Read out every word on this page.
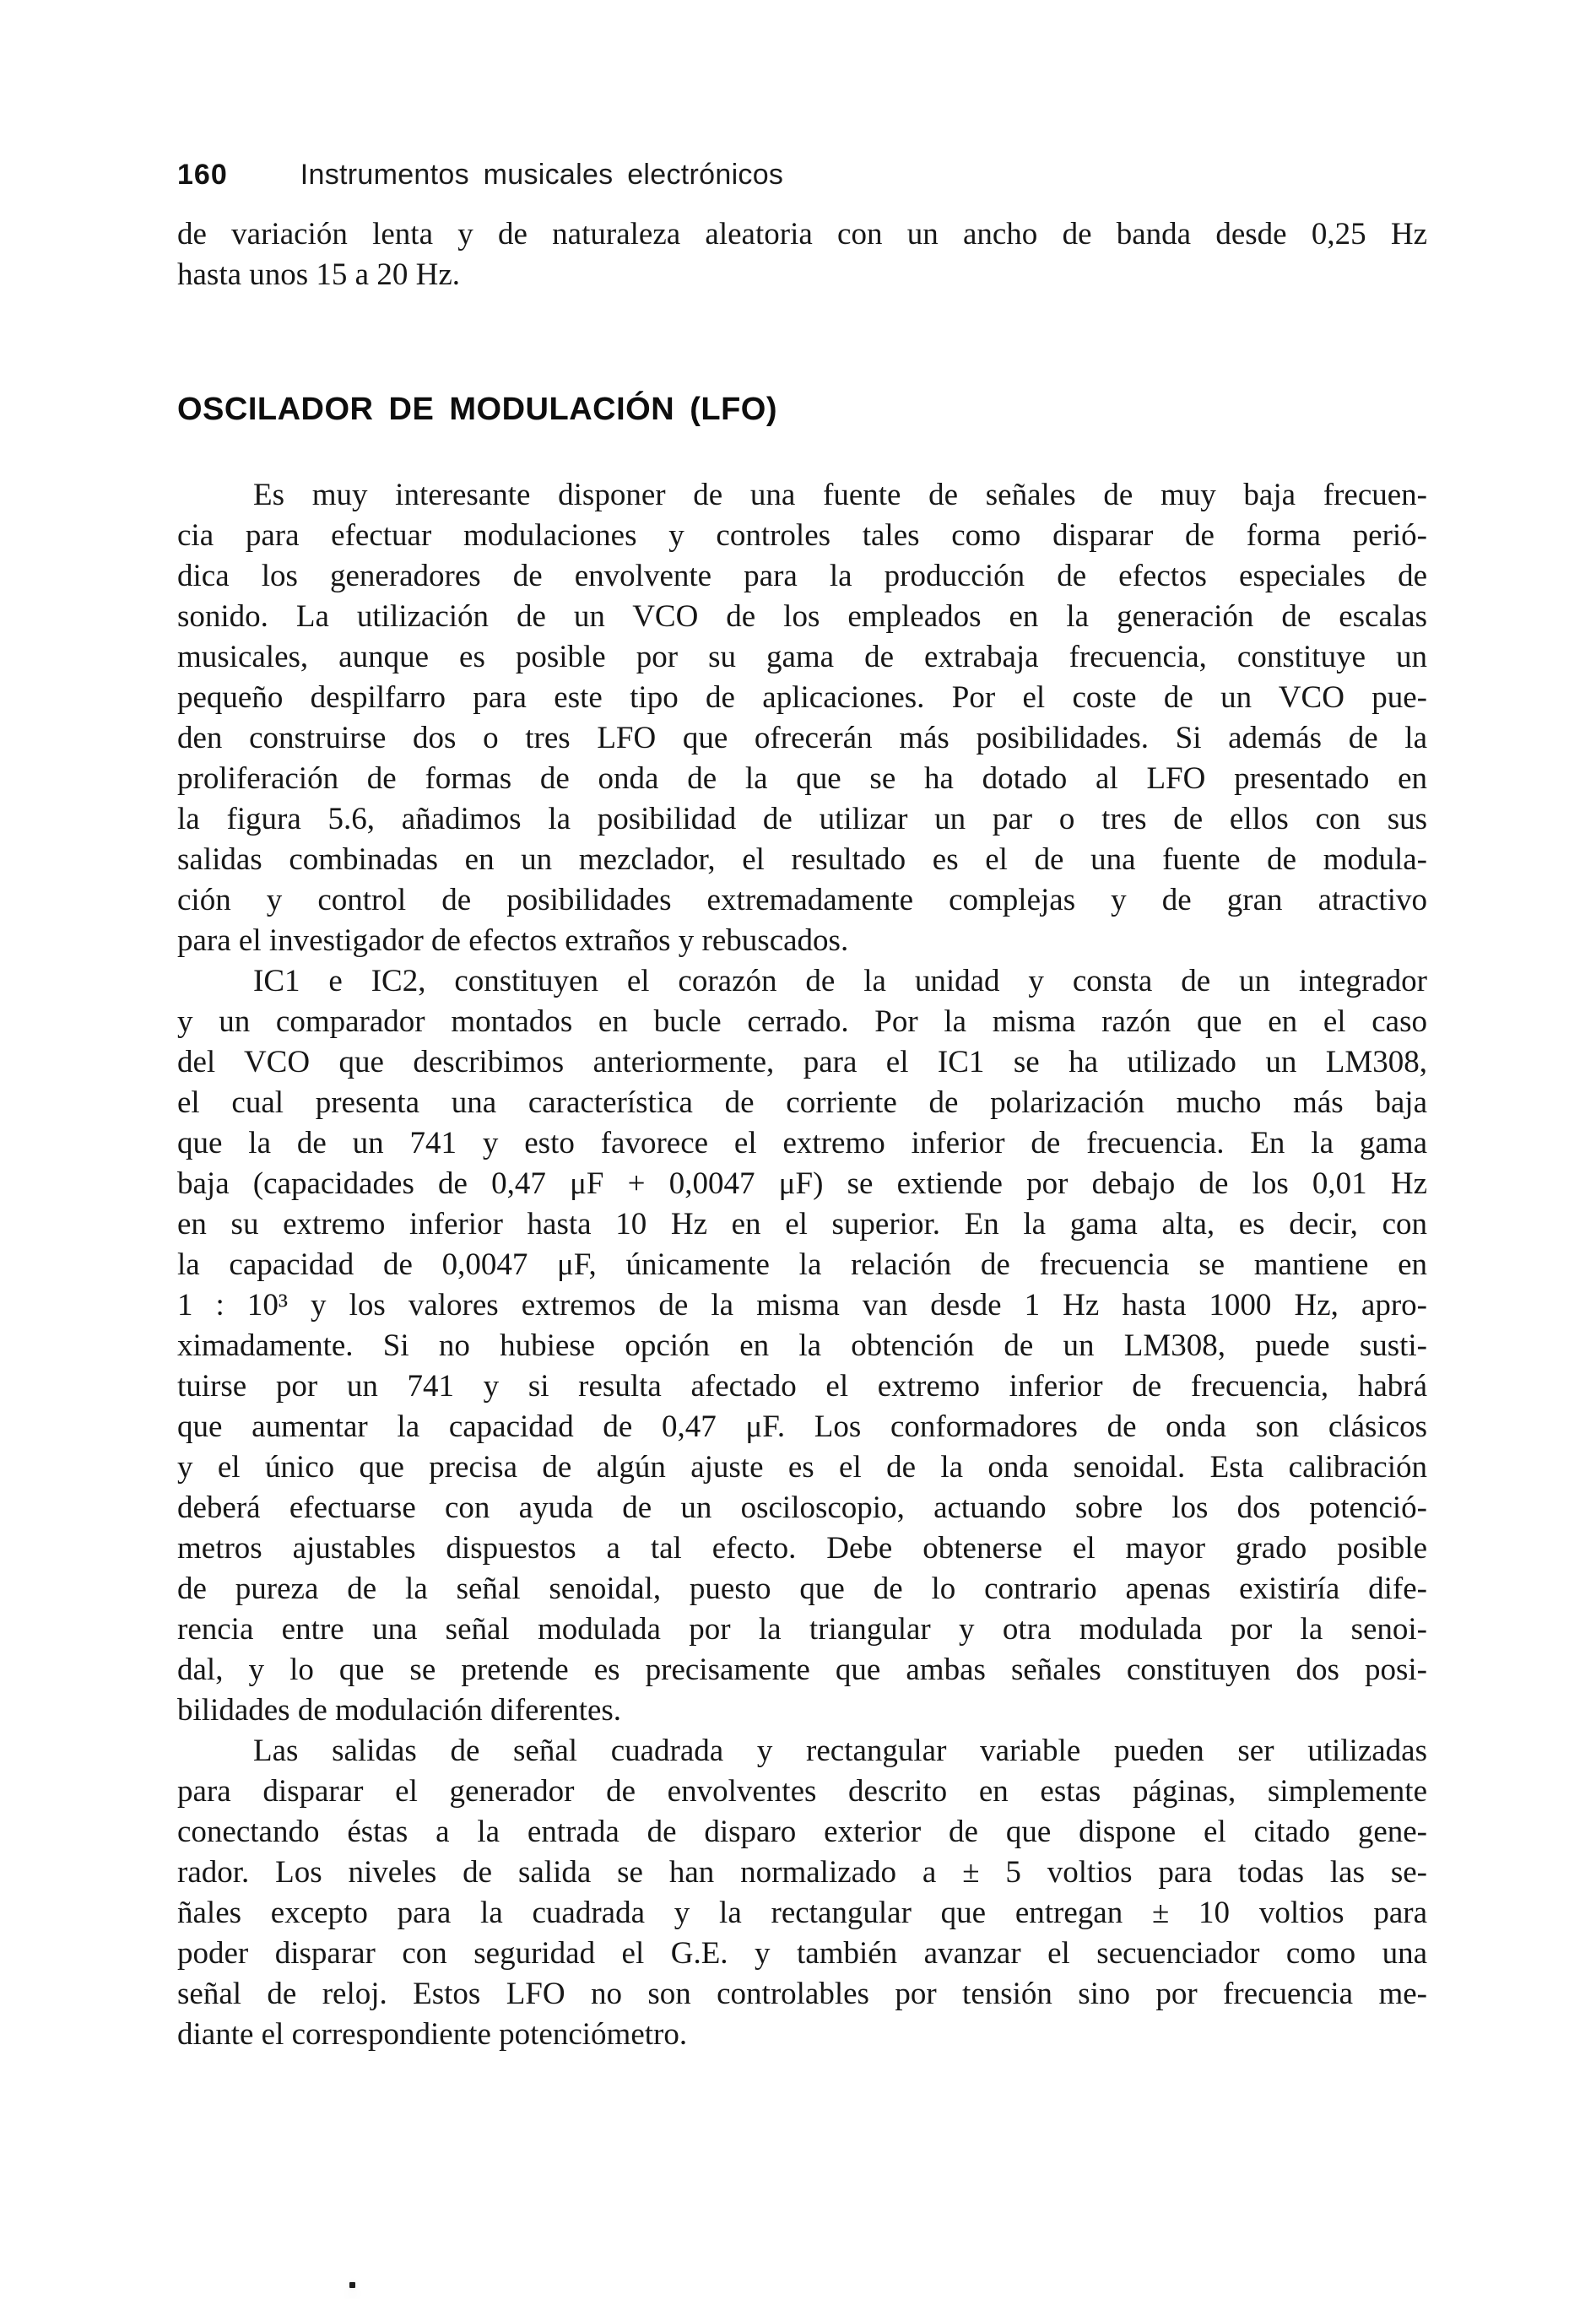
160	Instrumentos musicales electrónicos
de variación lenta y de naturaleza aleatoria con un ancho de banda desde 0,25 Hz
hasta unos 15 a 20 Hz.
OSCILADOR DE MODULACIÓN (LFO)
Es muy interesante disponer de una fuente de señales de muy baja frecuen-
cia para efectuar modulaciones y controles tales como disparar de forma perió-
dica los generadores de envolvente para la producción de efectos especiales de
sonido. La utilización de un VCO de los empleados en la generación de escalas
musicales, aunque es posible por su gama de extrabaja frecuencia, constituye un
pequeño despilfarro para este tipo de aplicaciones. Por el coste de un VCO pue-
den construirse dos o tres LFO que ofrecerán más posibilidades. Si además de la
proliferación de formas de onda de la que se ha dotado al LFO presentado en
la figura 5.6, añadimos la posibilidad de utilizar un par o tres de ellos con sus
salidas combinadas en un mezclador, el resultado es el de una fuente de modula-
ción y control de posibilidades extremadamente complejas y de gran atractivo
para el investigador de efectos extraños y rebuscados.
IC1 e IC2, constituyen el corazón de la unidad y consta de un integrador
y un comparador montados en bucle cerrado. Por la misma razón que en el caso
del VCO que describimos anteriormente, para el IC1 se ha utilizado un LM308,
el cual presenta una característica de corriente de polarización mucho más baja
que la de un 741 y esto favorece el extremo inferior de frecuencia. En la gama
baja (capacidades de 0,47 μF + 0,0047 μF) se extiende por debajo de los 0,01 Hz
en su extremo inferior hasta 10 Hz en el superior. En la gama alta, es decir, con
la capacidad de 0,0047 μF, únicamente la relación de frecuencia se mantiene en
1 : 10³ y los valores extremos de la misma van desde 1 Hz hasta 1000 Hz, apro-
ximadamente. Si no hubiese opción en la obtención de un LM308, puede susti-
tuirse por un 741 y si resulta afectado el extremo inferior de frecuencia, habrá
que aumentar la capacidad de 0,47 μF. Los conformadores de onda son clásicos
y el único que precisa de algún ajuste es el de la onda senoidal. Esta calibración
deberá efectuarse con ayuda de un osciloscopio, actuando sobre los dos potenció-
metros ajustables dispuestos a tal efecto. Debe obtenerse el mayor grado posible
de pureza de la señal senoidal, puesto que de lo contrario apenas existiría dife-
rencia entre una señal modulada por la triangular y otra modulada por la senoi-
dal, y lo que se pretende es precisamente que ambas señales constituyen dos posi-
bilidades de modulación diferentes.
Las salidas de señal cuadrada y rectangular variable pueden ser utilizadas
para disparar el generador de envolventes descrito en estas páginas, simplemente
conectando éstas a la entrada de disparo exterior de que dispone el citado gene-
rador. Los niveles de salida se han normalizado a ± 5 voltios para todas las se-
ñales excepto para la cuadrada y la rectangular que entregan ± 10 voltios para
poder disparar con seguridad el G.E. y también avanzar el secuenciador como una
señal de reloj. Estos LFO no son controlables por tensión sino por frecuencia me-
diante el correspondiente potenciómetro.
